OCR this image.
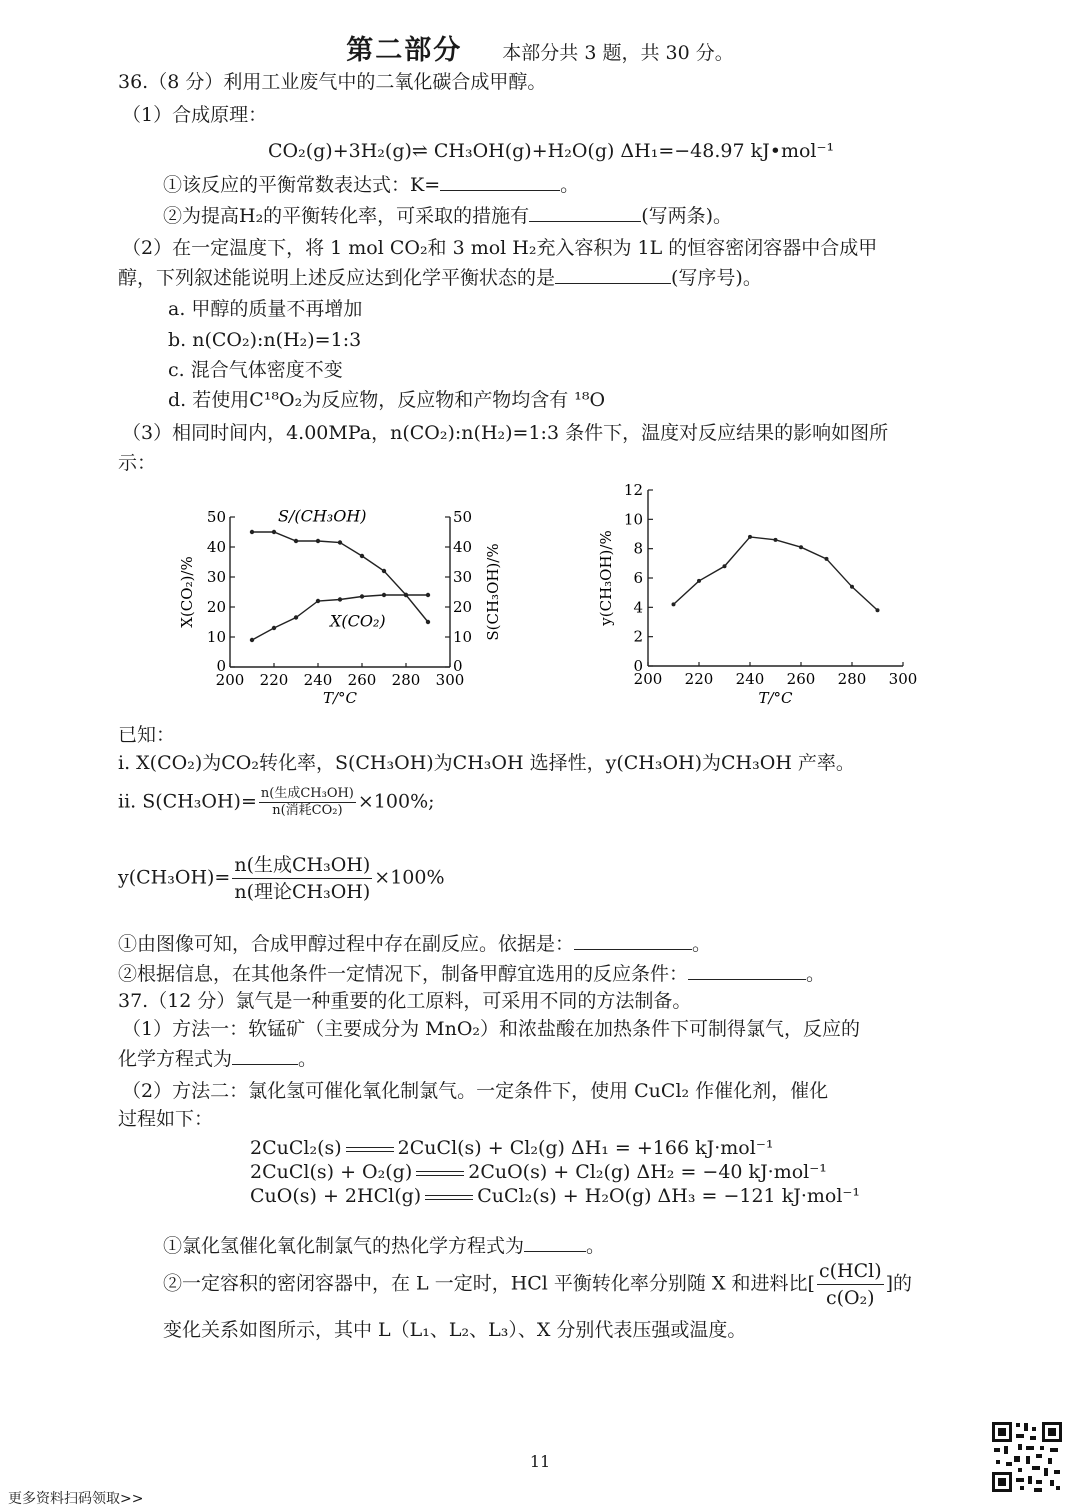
第二部分 本部分共 3 题，共 30 分。
36.（8 分）利用工业废气中的二氧化碳合成甲醇。
（1）合成原理：
CO₂(g)+3H₂(g)⇌ CH₃OH(g)+H₂O(g) ΔH₁=−48.97 kJ•mol⁻¹
①该反应的平衡常数表达式：K=	。
②为提高H₂的平衡转化率，可采取的措施有	(写两条)。
（2）在一定温度下，将 1 mol CO₂和 3 mol H₂充入容积为 1L 的恒容密闭容器中合成甲
醇，下列叙述能说明上述反应达到化学平衡状态的是	(写序号)。
a. 甲醇的质量不再增加
b. n(CO₂):n(H₂)=1:3
c. 混合气体密度不变
d. 若使用C¹⁸O₂为反应物，反应物和产物均含有 ¹⁸O
（3）相同时间内，4.00MPa，n(CO₂):n(H₂)=1:3 条件下，温度对反应结果的影响如图所
示：
10	10
20	20
30	30
40	40
50	50
0	0
200 220 240 260 280 300
T/°C
X(CO₂)/%	S(CH₃OH)/%
S/(CH₃OH)
X(CO₂)
0
2
4
6
8
10
12
200 220 240 260 280 300
T/°C
y(CH₃OH)/%
已知：
i. X(CO₂)为CO₂转化率，S(CH₃OH)为CH₃OH 选择性，y(CH₃OH)为CH₃OH 产率。
ii. $S(CH_3OH)= \frac{\text{n(生成CH₃OH)}}{\text{n(消耗CO₂)}} \times 100\%$;
$y(CH_3OH)= \frac{\text{n(生成CH₃OH)}}{\text{n(理论CH₃OH)}} \times 100\%$
①由图像可知，合成甲醇过程中存在副反应。依据是：	。
②根据信息，在其他条件一定情况下，制备甲醇宜选用的反应条件：	。
37.（12 分）氯气是一种重要的化工原料，可采用不同的方法制备。
（1）方法一：软锰矿（主要成分为 MnO₂）和浓盐酸在加热条件下可制得氯气，反应的
化学方程式为	。
（2）方法二：氯化氢可催化氧化制氯气。一定条件下，使用 CuCl₂ 作催化剂，催化
过程如下：
2CuCl₂(s)	2CuCl(s) + Cl₂(g) ΔH₁ = +166 kJ·mol⁻¹
2CuCl(s) + O₂(g)	2CuO(s) + Cl₂(g) ΔH₂ = −40 kJ·mol⁻¹
CuO(s) + 2HCl(g)	CuCl₂(s) + H₂O(g) ΔH₃ = −121 kJ·mol⁻¹
①氯化氢催化氧化制氯气的热化学方程式为	。
②一定容积的密闭容器中，在 L 一定时，HCl 平衡转化率分别随 X 和进料比[ $\frac{\text{c(HCl)}}{\text{c(O₂)}}$ ]的
变化关系如图所示，其中 L（L₁、L₂、L₃）、X 分别代表压强或温度。
11
更多资料扫码领取>>
